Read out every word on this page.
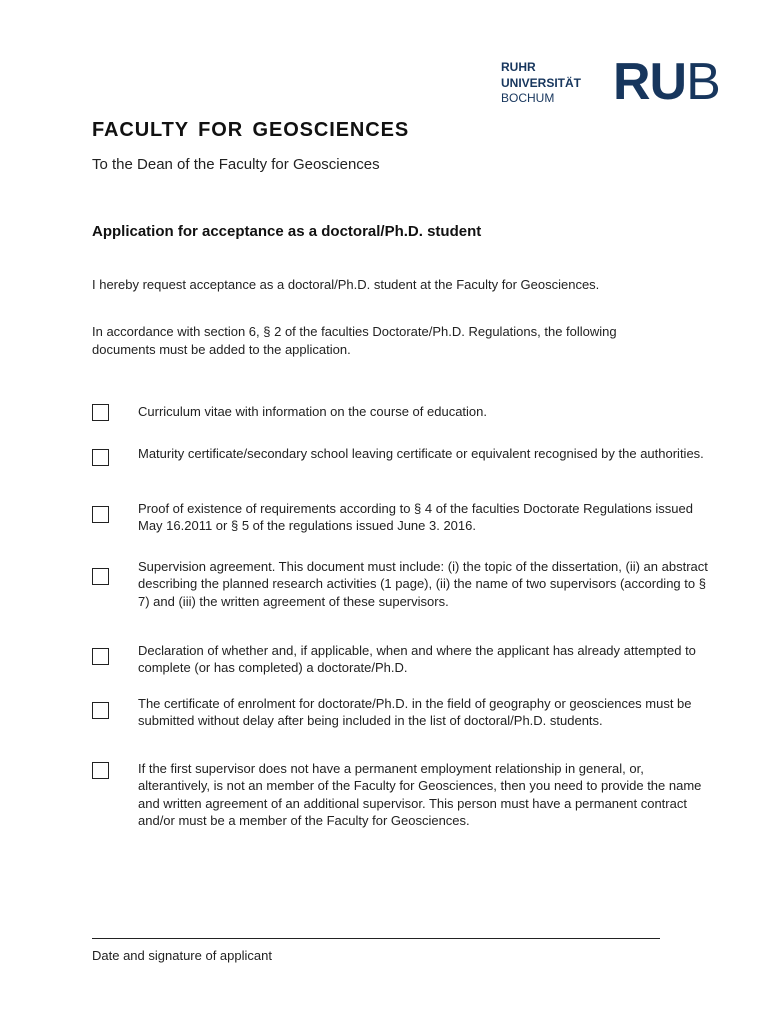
RUHR
UNIVERSITÄT
BOCHUM	RUB
FACULTY FOR GEOSCIENCES

To the Dean of the Faculty for Geosciences

Application for acceptance as a doctoral/Ph.D. student

I hereby request acceptance as a doctoral/Ph.D. student at the Faculty for Geosciences.

In accordance with section 6, § 2 of the faculties Doctorate/Ph.D. Regulations, the following documents must be added to the application.

Curriculum vitae with information on the course of education.

Maturity certificate/secondary school leaving certificate or equivalent recognised by the authorities.

Proof of existence of requirements according to § 4 of the faculties Doctorate Regulations issued May 16.2011 or § 5 of the regulations issued June 3. 2016.

Supervision agreement. This document must include: (i) the topic of the dissertation, (ii) an abstract describing the planned research activities (1 page), (ii) the name of two supervisors (according to § 7) and (iii) the written agreement of these supervisors.

Declaration of whether and, if applicable, when and where the applicant has already attempted to complete (or has completed) a doctorate/Ph.D.

The certificate of enrolment for doctorate/Ph.D. in the field of geography or geosciences must be submitted without delay after being included in the list of doctoral/Ph.D. students.

If the first supervisor does not have a permanent employment relationship in general, or, alterantively, is not an member of the Faculty for Geosciences, then you need to provide the name and written agreement of an additional supervisor. This person must have a permanent contract and/or must be a member of the Faculty for Geosciences.

Date and signature of applicant
